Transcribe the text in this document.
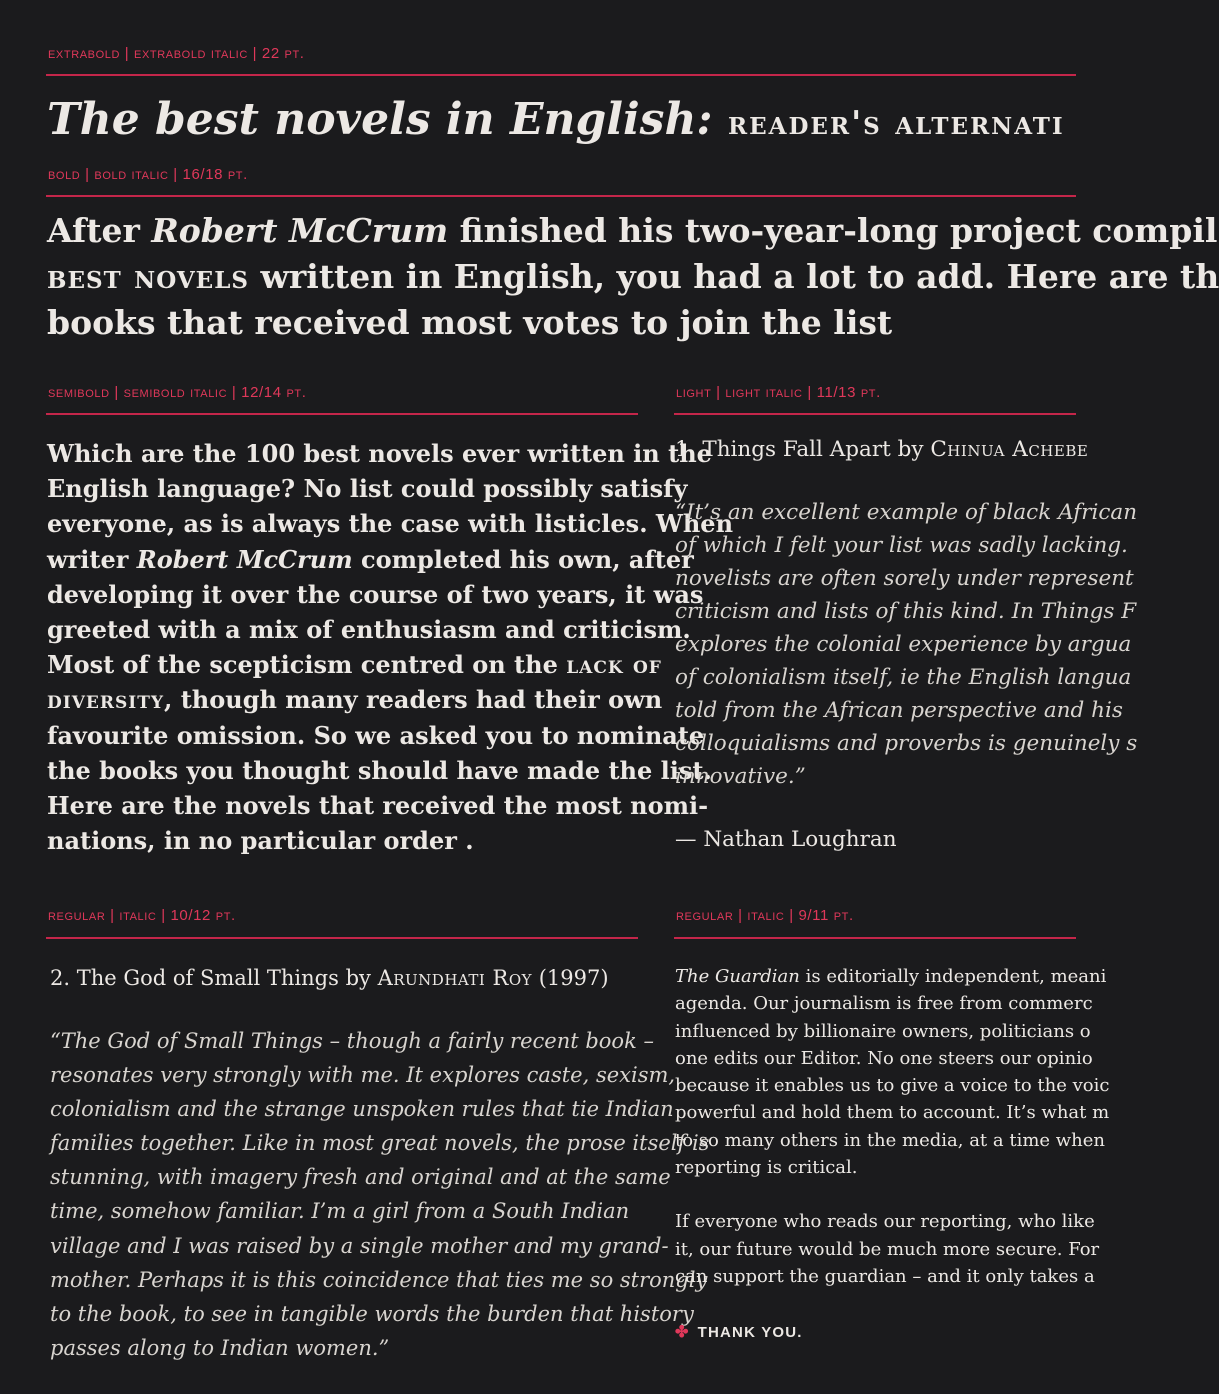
extrabold | extrabold italic | 22 pt.
The best novels in English: reader's alternati
bold | bold italic | 16/18 pt.
After Robert McCrum finished his two-year-long project compil
best novels written in English, you had a lot to add. Here are th
books that received most votes to join the list
semibold | semibold italic | 12/14 pt.
Which are the 100 best novels ever written in the
English language? No list could possibly satisfy
everyone, as is always the case with listicles. When
writer Robert McCrum completed his own, after
developing it over the course of two years, it was
greeted with a mix of enthusiasm and criticism.
Most of the scepticism centred on the lack of
diversity, though many readers had their own
favourite omission. So we asked you to nominate
the books you thought should have made the list.
Here are the novels that received the most nomi-
nations, in no particular order .
light | light italic | 11/13 pt.
1. Things Fall Apart by Chinua Achebe
“It’s an excellent example of black African
of which I felt your list was sadly lacking.
novelists are often sorely under represent
criticism and lists of this kind. In Things F
explores the colonial experience by argua
of colonialism itself, ie the English langua
told from the African perspective and his
colloquialisms and proverbs is genuinely s
innovative.”
— Nathan Loughran
regular | italic | 10/12 pt.
2. The God of Small Things by Arundhati Roy (1997)
“The God of Small Things – though a fairly recent book –
resonates very strongly with me. It explores caste, sexism,
colonialism and the strange unspoken rules that tie Indian
families together. Like in most great novels, the prose itself is
stunning, with imagery fresh and original and at the same
time, somehow familiar. I’m a girl from a South Indian
village and I was raised by a single mother and my grand-
mother. Perhaps it is this coincidence that ties me so strongly
to the book, to see in tangible words the burden that history
passes along to Indian women.”
regular | italic | 9/11 pt.
The Guardian is editorially independent, meani
agenda. Our journalism is free from commerc
influenced by billionaire owners, politicians o
one edits our Editor. No one steers our opinio
because it enables us to give a voice to the voic
powerful and hold them to account. It’s what m
to so many others in the media, at a time when
reporting is critical.
If everyone who reads our reporting, who like
it, our future would be much more secure. For
can support the guardian – and it only takes a
✤ THANK YOU.
